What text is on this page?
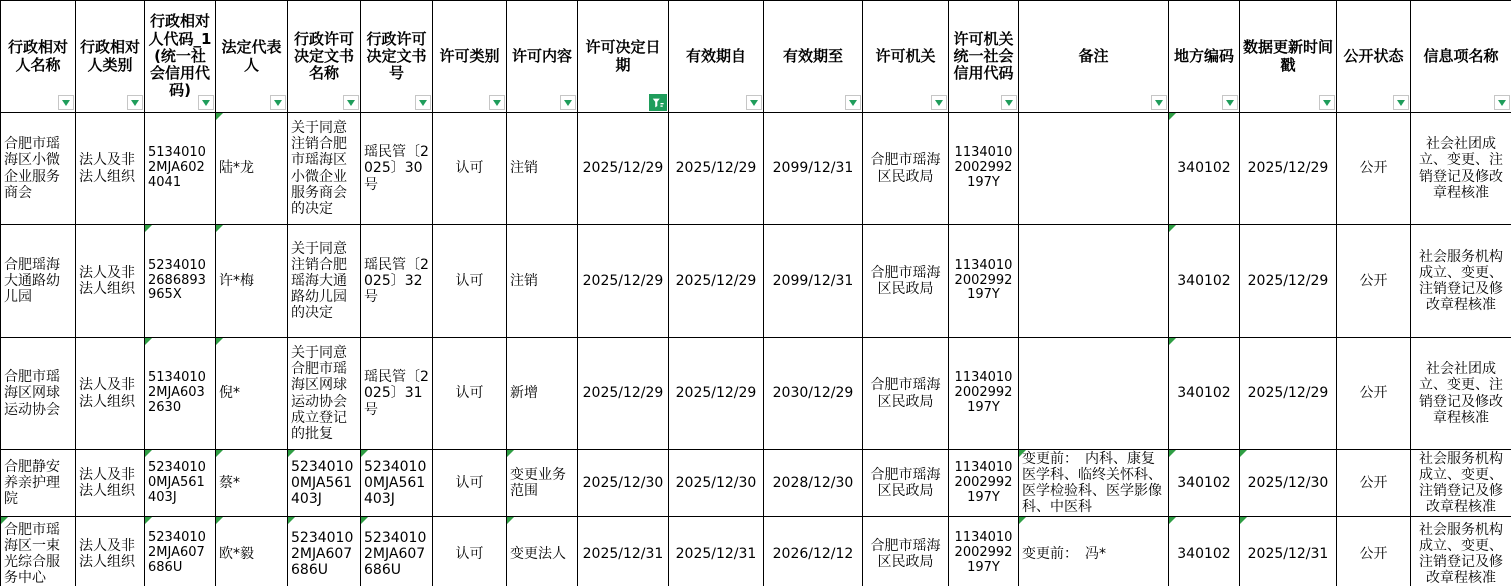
行政相对人名称	行政相对人类别	行政相对人代码_1(统一社会信用代码)	法定代表人	行政许可决定文书名称	行政许可决定文书号	许可类别	许可内容	许可决定日期	有效期自	有效期至	许可机关	许可机关统一社会信用代码	备注	地方编码	数据更新时间戳	公开状态	信息项名称

合肥市瑶海区小微企业服务商会	法人及非法人组织	51340102MJA6024041	陆*龙	关于同意注销合肥市瑶海区小微企业服务商会的决定	瑶民管〔2025〕30号	认可	注销	2025/12/29	2025/12/29	2099/12/31	合肥市瑶海区民政局	11340102002992197Y		340102	2025/12/29	公开	社会社团成立、变更、注销登记及修改章程核准
合肥瑶海大通路幼儿园	法人及非法人组织	52340102686893965X	许*梅	关于同意注销合肥瑶海大通路幼儿园的决定	瑶民管〔2025〕32号	认可	注销	2025/12/29	2025/12/29	2099/12/31	合肥市瑶海区民政局	11340102002992197Y		340102	2025/12/29	公开	社会服务机构成立、变更、注销登记及修改章程核准
合肥市瑶海区网球运动协会	法人及非法人组织	51340102MJA6032630	倪*	关于同意合肥市瑶海区网球运动协会成立登记的批复	瑶民管〔2025〕31号	认可	新增	2025/12/29	2025/12/29	2030/12/29	合肥市瑶海区民政局	11340102002992197Y		340102	2025/12/29	公开	社会社团成立、变更、注销登记及修改章程核准
合肥静安养亲护理院	法人及非法人组织	52340100MJA561403J	蔡*	52340100MJA561403J	52340100MJA561403J	认可	变更业务范围	2025/12/30	2025/12/30	2028/12/30	合肥市瑶海区民政局	11340102002992197Y	变更前：　内科、康复医学科、临终关怀科、医学检验科、医学影像科、中医科	340102	2025/12/30	公开	社会服务机构成立、变更、注销登记及修改章程核准

合肥市瑶海区一束光综合服务中心	法人及非法人组织	52340102MJA607686U	欧*毅	52340102MJA607686U	52340102MJA607686U	认可	变更法人	2025/12/31	2025/12/31	2026/12/12	合肥市瑶海区民政局	11340102002992197Y	变更前：　冯*	340102	2025/12/31	公开	社会服务机构成立、变更、注销登记及修改章程核准
